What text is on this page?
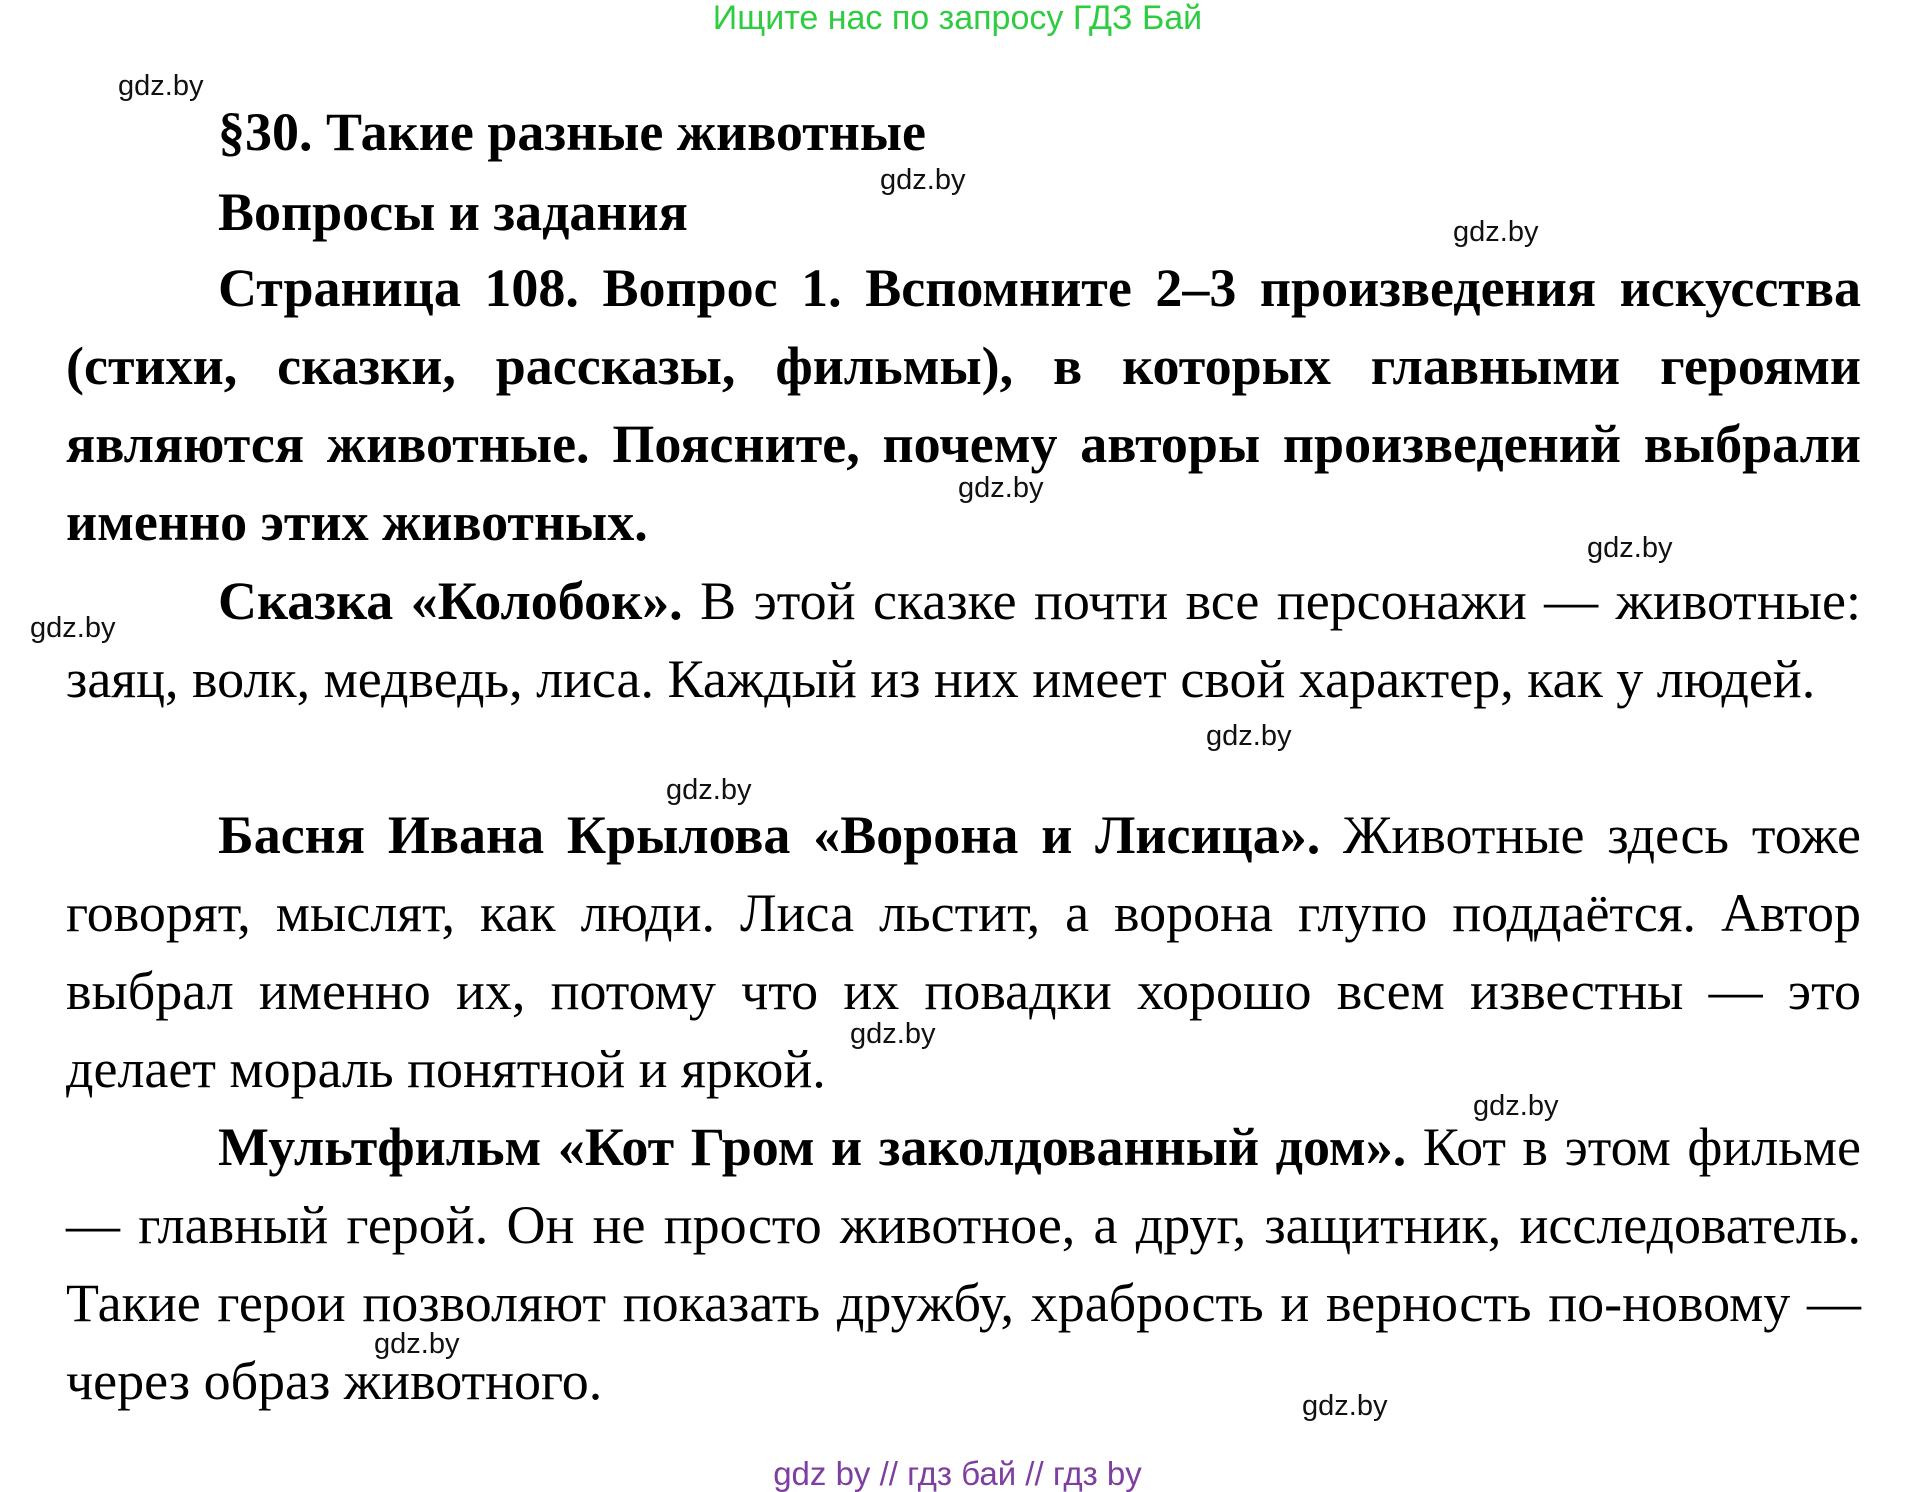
Ищите нас по запросу ГДЗ Бай
§30. Такие разные животные
Вопросы и задания
Страница 108. Вопрос 1. Вспомните 2–3 произведения искусства (стихи, сказки, рассказы, фильмы), в которых главными героями являются животные. Поясните, почему авторы произведений выбрали именно этих животных.
Сказка «Колобок». В этой сказке почти все персонажи — животные: заяц, волк, медведь, лиса. Каждый из них имеет свой характер, как у людей.
Басня Ивана Крылова «Ворона и Лисица». Животные здесь тоже говорят, мыслят, как люди. Лиса льстит, а ворона глупо поддаётся. Автор выбрал именно их, потому что их повадки хорошо всем известны — это делает мораль понятной и яркой.
Мультфильм «Кот Гром и заколдованный дом». Кот в этом фильме — главный герой. Он не просто животное, а друг, защитник, исследователь. Такие герои позволяют показать дружбу, храбрость и верность по-новому — через образ животного.
gdz.by
gdz.by
gdz.by
gdz.by
gdz.by
gdz.by
gdz.by
gdz.by
gdz.by
gdz.by
gdz.by
gdz.by
gdz by // гдз бай // гдз by
